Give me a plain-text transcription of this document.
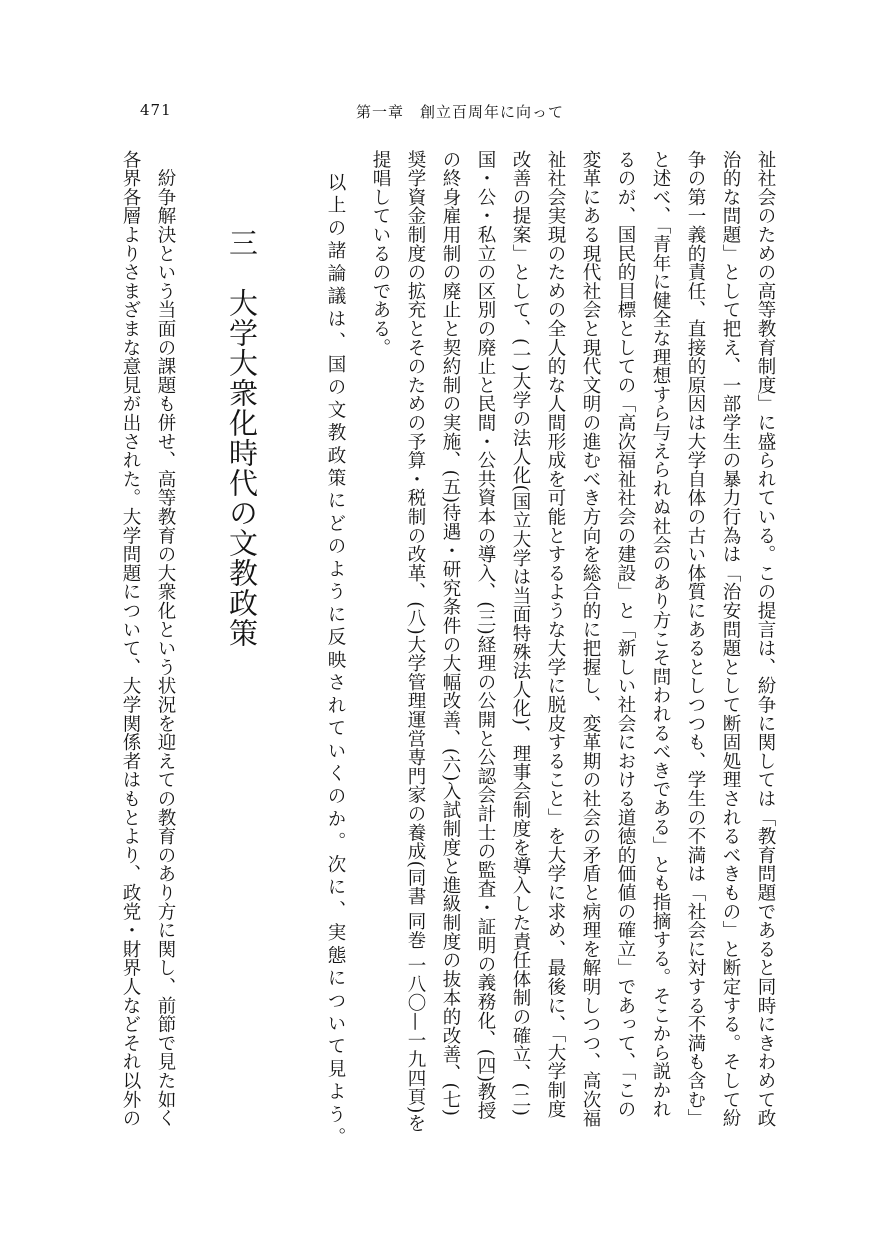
471	第一章　創立百周年に向って
祉社会のための高等教育制度」に盛られている。この提言は、紛争に関しては「教育問題であると同時にきわめて政
治的な問題」として把え、一部学生の暴力行為は「治安問題として断固処理されるべきもの」と断定する。そして紛
争の第一義的責任、直接的原因は大学自体の古い体質にあるとしつつも、学生の不満は「社会に対する不満も含む」
と述べ、「青年に健全な理想すら与えられぬ社会のあり方こそ問われるべきである」とも指摘する。そこから説かれ
るのが、国民的目標としての「高次福祉社会の建設」と「新しい社会における道徳的価値の確立」であって、「この
変革にある現代社会と現代文明の進むべき方向を総合的に把握し、変革期の社会の矛盾と病理を解明しつつ、高次福
祉社会実現のための全人的な人間形成を可能とするような大学に脱皮すること」を大学に求め、最後に、「大学制度
改善の提案」として、(一)大学の法人化(国立大学は当面特殊法人化)、理事会制度を導入した責任体制の確立、(二)
国・公・私立の区別の廃止と民間・公共資本の導入、(三)経理の公開と公認会計士の監査・証明の義務化、(四)教授
の終身雇用制の廃止と契約制の実施、(五)待遇・研究条件の大幅改善、(六)入試制度と進級制度の抜本的改善、(七)
奨学資金制度の拡充とそのための予算・税制の改革、(八)大学管理運営専門家の養成(同書 同巻 一八〇—一九四頁)を
提唱しているのである。
　以上の諸論議は、国の文教政策にどのように反映されていくのか。次に、実態について見よう。
三　大学大衆化時代の文教政策
　紛争解決という当面の課題も併せ、高等教育の大衆化という状況を迎えての教育のあり方に関し、前節で見た如く
各界各層よりさまざまな意見が出された。大学問題について、大学関係者はもとより、政党・財界人などそれ以外の
